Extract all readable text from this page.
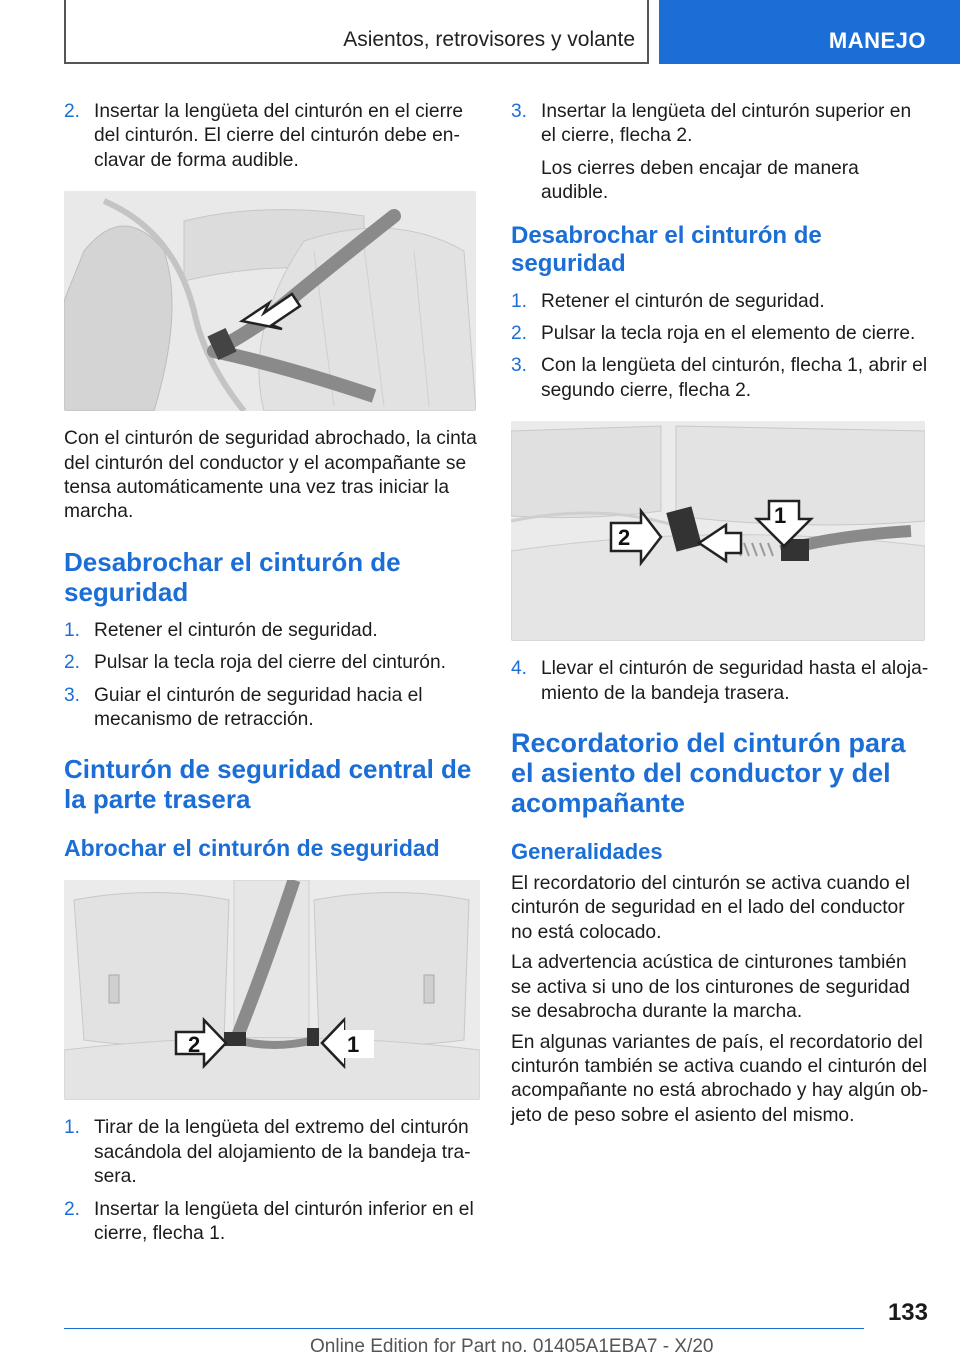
Asientos, retrovisores y volante	MANEJO
2. Insertar la lengüeta del cinturón en el cierre del cinturón. El cierre del cinturón debe enclavar de forma audible.

Con el cinturón de seguridad abrochado, la cinta del cinturón del conductor y el acompañante se tensa automáticamente una vez tras iniciar la marcha.

Desabrochar el cinturón de seguridad
1. Retener el cinturón de seguridad.
2. Pulsar la tecla roja del cierre del cinturón.
3. Guiar el cinturón de seguridad hacia el mecanismo de retracción.
Cinturón de seguridad central de la parte trasera
Abrochar el cinturón de seguridad
2	1
1. Tirar de la lengüeta del extremo del cinturón sacándola del alojamiento de la bandeja trasera.
2. Insertar la lengüeta del cinturón inferior en el cierre, flecha 1.
3. Insertar la lengüeta del cinturón superior en el cierre, flecha 2.
Los cierres deben encajar de manera audible.
Desabrochar el cinturón de seguridad
1. Retener el cinturón de seguridad.
2. Pulsar la tecla roja en el elemento de cierre.
3. Con la lengüeta del cinturón, flecha 1, abrir el segundo cierre, flecha 2.
1
2
4. Llevar el cinturón de seguridad hasta el alojamiento de la bandeja trasera.
Recordatorio del cinturón para el asiento del conductor y del acompañante
Generalidades

El recordatorio del cinturón se activa cuando el cinturón de seguridad en el lado del conductor no está colocado.

La advertencia acústica de cinturones también se activa si uno de los cinturones de seguridad se desabrocha durante la marcha.

En algunas variantes de país, el recordatorio del cinturón también se activa cuando el cinturón del acompañante no está abrochado y hay algún objeto de peso sobre el asiento del mismo.

133
Online Edition for Part no. 01405A1EBA7 - X/20
